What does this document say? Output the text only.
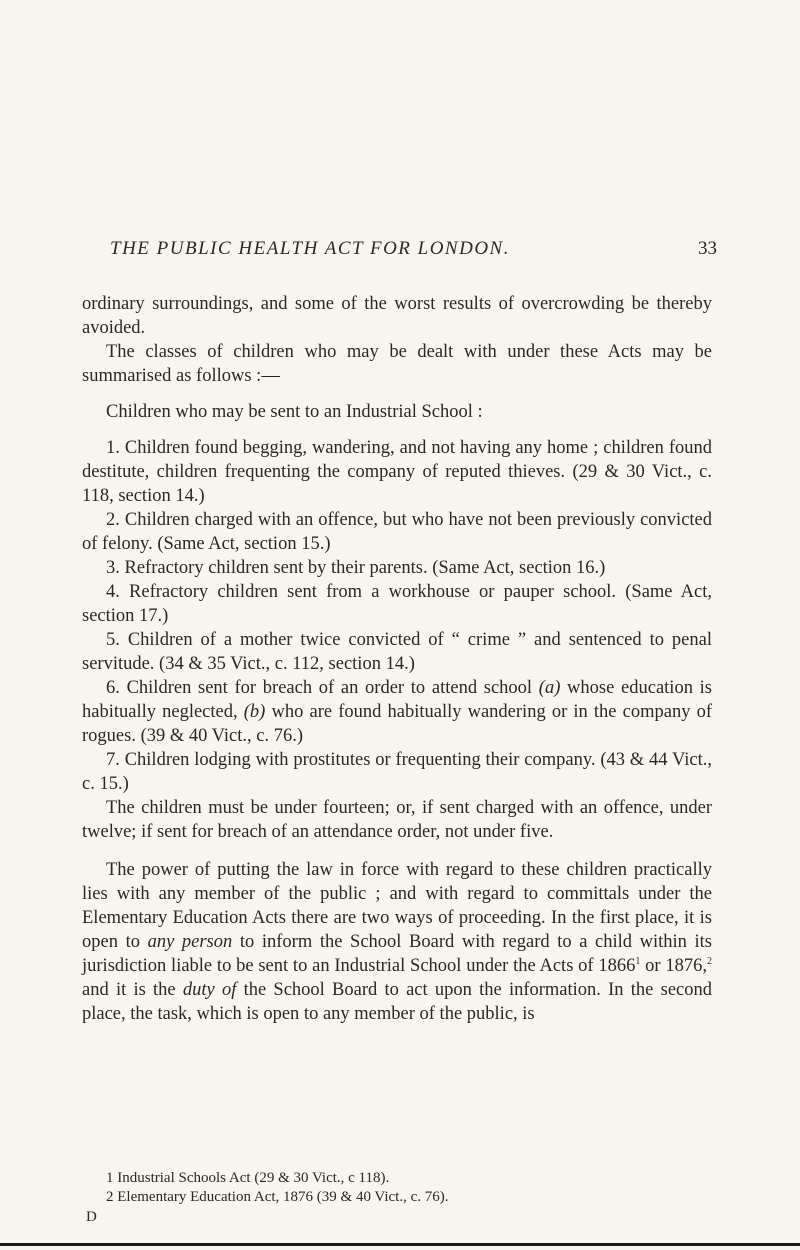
THE PUBLIC HEALTH ACT FOR LONDON.	33

ordinary surroundings, and some of the worst results of overcrowding be thereby avoided.

The classes of children who may be dealt with under these Acts may be summarised as follows :—

Children who may be sent to an Industrial School :

1. Children found begging, wandering, and not having any home ; children found destitute, children frequenting the company of reputed thieves. (29 & 30 Vict., c. 118, section 14.)

2. Children charged with an offence, but who have not been previously convicted of felony. (Same Act, section 15.)

3. Refractory children sent by their parents. (Same Act, section 16.)

4. Refractory children sent from a workhouse or pauper school. (Same Act, section 17.)

5. Children of a mother twice convicted of “ crime ” and sentenced to penal servitude. (34 & 35 Vict., c. 112, section 14.)

6. Children sent for breach of an order to attend school (a) whose education is habitually neglected, (b) who are found habitually wandering or in the company of rogues. (39 & 40 Vict., c. 76.)

7. Children lodging with prostitutes or frequenting their company. (43 & 44 Vict., c. 15.)

The children must be under fourteen; or, if sent charged with an offence, under twelve; if sent for breach of an attendance order, not under five.

The power of putting the law in force with regard to these children practically lies with any member of the public ; and with regard to committals under the Elementary Education Acts there are two ways of proceeding. In the first place, it is open to any person to inform the School Board with regard to a child within its jurisdiction liable to be sent to an Industrial School under the Acts of 1866$^1$ or 1876,$^2$ and it is the duty of the School Board to act upon the information. In the second place, the task, which is open to any member of the public, is

1 Industrial Schools Act (29 & 30 Vict., c 118).

2 Elementary Education Act, 1876 (39 & 40 Vict., c. 76).

D
